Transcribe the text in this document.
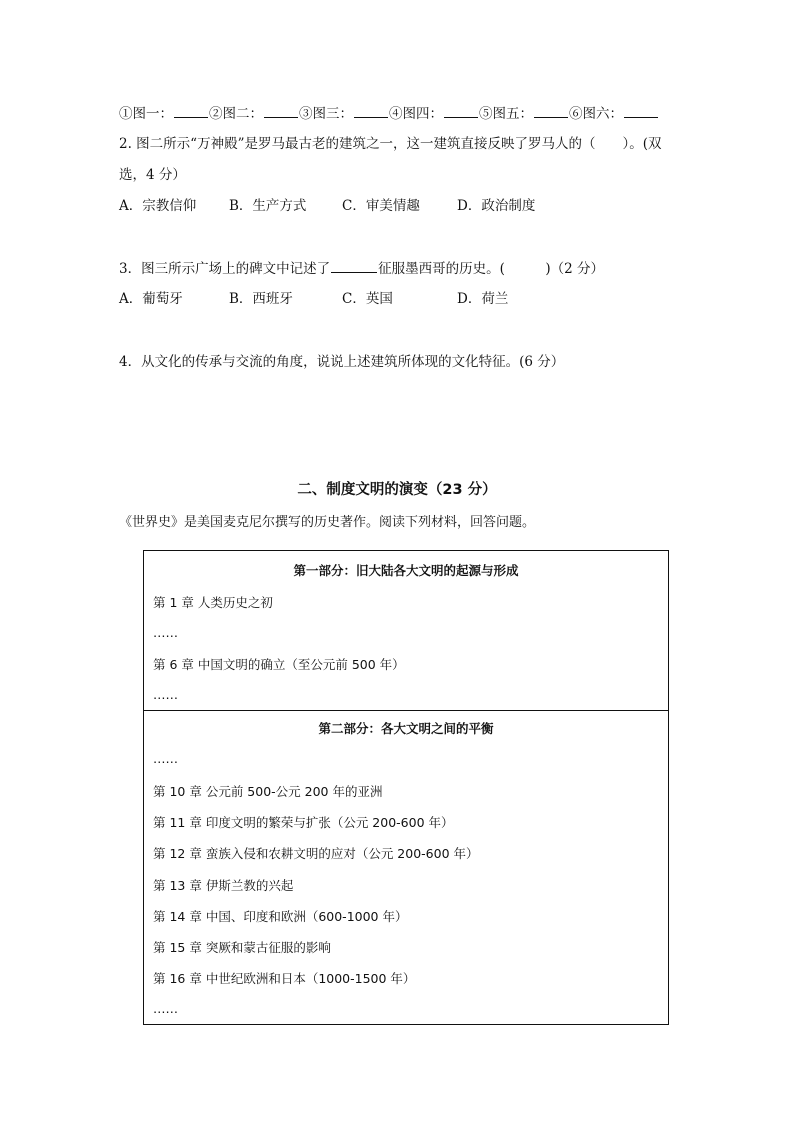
①图一：	②图二：	③图三：	④图四：	⑤图五：	⑥图六：
2. 图二所示“万神殿”是罗马最古老的建筑之一，这一建筑直接反映了罗马人的（　　）。(双
选，4 分）
A．宗教信仰 B．生产方式	C．审美情趣	D．政治制度
3．图三所示广场上的碑文中记述了	征服墨西哥的历史。(　　　)（2 分）
A．葡萄牙	B．西班牙	C．英国	D．荷兰
4．从文化的传承与交流的角度，说说上述建筑所体现的文化特征。(6 分）
二、制度文明的演变（23 分）
《世界史》是美国麦克尼尔撰写的历史著作。阅读下列材料，回答问题。
第一部分：旧大陆各大文明的起源与形成
第 1 章 人类历史之初
……
第 6 章 中国文明的确立（至公元前 500 年）
……
第二部分：各大文明之间的平衡
……
第 10 章 公元前 500-公元 200 年的亚洲
第 11 章 印度文明的繁荣与扩张（公元 200-600 年）
第 12 章 蛮族入侵和农耕文明的应对（公元 200-600 年）
第 13 章 伊斯兰教的兴起
第 14 章 中国、印度和欧洲（600-1000 年）
第 15 章 突厥和蒙古征服的影响
第 16 章 中世纪欧洲和日本（1000-1500 年）
……
